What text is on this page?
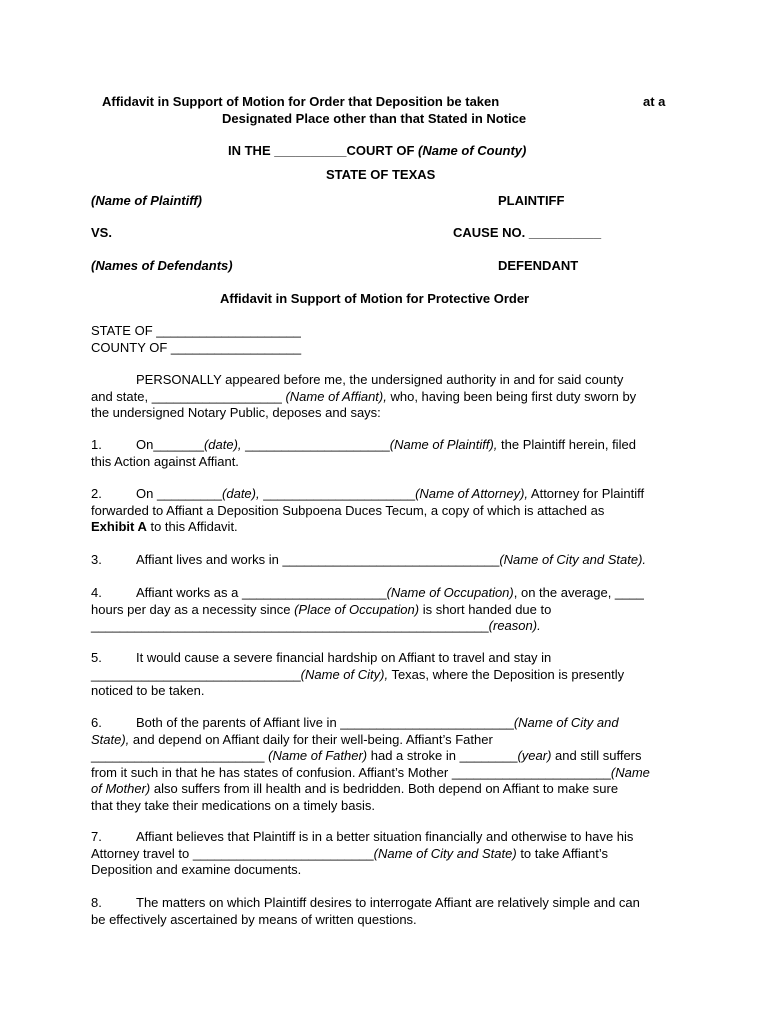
Affidavit in Support of Motion for Order that Deposition be taken	at a
Designated Place other than that Stated in Notice
IN THE __________COURT OF (Name of County)
STATE OF TEXAS
(Name of Plaintiff)	PLAINTIFF
VS.	CAUSE NO. __________
(Names of Defendants)	DEFENDANT
Affidavit in Support of Motion for Protective Order

STATE OF ____________________

COUNTY OF __________________

PERSONALLY appeared before me, the undersigned authority in and for said county

and state, __________________ (Name of Affiant), who, having been being first duty sworn by

the undersigned Notary Public, deposes and says:

1.	On_______(date), ____________________(Name of Plaintiff), the Plaintiff herein, filed

this Action against Affiant.

2.	On _________(date), _____________________(Name of Attorney), Attorney for Plaintiff

forwarded to Affiant a Deposition Subpoena Duces Tecum, a copy of which is attached as

Exhibit A to this Affidavit.

3.	Affiant lives and works in ______________________________(Name of City and State).

4.	Affiant works as a ____________________(Name of Occupation), on the average, ____

hours per day as a necessity since (Place of Occupation) is short handed due to

_______________________________________________________(reason).

5.	It would cause a severe financial hardship on Affiant to travel and stay in

_____________________________(Name of City), Texas, where the Deposition is presently

noticed to be taken.

6.	Both of the parents of Affiant live in ________________________(Name of City and

State), and depend on Affiant daily for their well-being. Affiant’s Father

________________________ (Name of Father) had a stroke in ________(year) and still suffers

from it such in that he has states of confusion. Affiant’s Mother ______________________(Name

of Mother) also suffers from ill health and is bedridden. Both depend on Affiant to make sure

that they take their medications on a timely basis.

7.	Affiant believes that Plaintiff is in a better situation financially and otherwise to have his

Attorney travel to _________________________(Name of City and State) to take Affiant’s

Deposition and examine documents.

8.	The matters on which Plaintiff desires to interrogate Affiant are relatively simple and can

be effectively ascertained by means of written questions.
